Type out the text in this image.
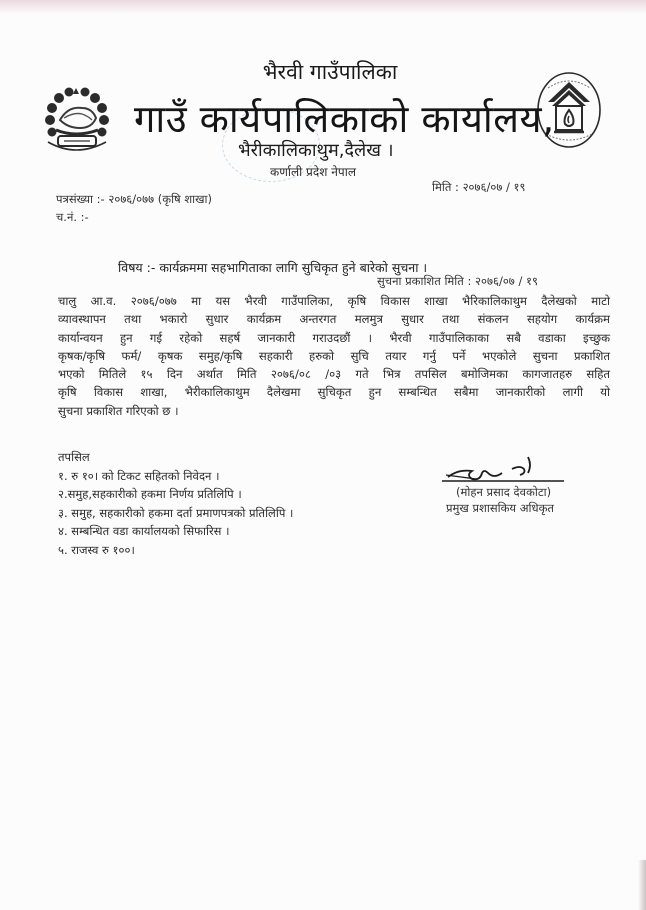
भैरवी गाउँपालिका
गाउँ कार्यपालिकाको कार्यालय,
भैरीकालिकाथुम,दैलेख ।
कर्णाली प्रदेश नेपाल
मिति : २०७६/०७ / १९
पत्रसंख्या :- २०७६/०७७ (कृषि शाखा)
च.नं. :-
विषय :- कार्यक्रममा सहभागिताका लागि सुचिकृत हुने बारेको सुचना ।
सुचना प्रकाशित मिति : २०७६/०७ / १९
चालु आ.व. २०७६/०७७ मा यस भैरवी गाउँपालिका, कृषि विकास शाखा भैरिकालिकाथुम दैलेखको माटो
व्यावस्थापन तथा भकारो सुधार कार्यक्रम अन्तरगत मलमुत्र सुधार तथा संकलन सहयोग कार्यक्रम
कार्यान्वयन हुन गई रहेको सहर्ष जानकारी गराउदछौं । भैरवी गाउँपालिकाका सबै वडाका इच्छुक
कृषक/कृषि फर्म/ कृषक समुह/कृषि सहकारी हरुको सुचि तयार गर्नु पर्ने भएकोले सुचना प्रकाशित
भएको मितिले १५ दिन अर्थात मिति २०७६/०८ /०३ गते भित्र तपसिल बमोजिमका कागजातहरु सहित
कृषि विकास शाखा, भैरीकालिकाथुम दैलेखमा सुचिकृत हुन सम्बन्धित सबैमा जानकारीको लागी यो
सुचना प्रकाशित गरिएको छ ।
तपसिल
१. रु १०। को टिकट सहितको निवेदन ।
२.समुह,सहकारीको हकमा निर्णय प्रतिलिपि ।
३. समुह, सहकारीको हकमा दर्ता प्रमाणपत्रको प्रतिलिपि ।
४. सम्बन्धित वडा कार्यालयको सिफारिस ।
५. राजस्व रु १००।
(मोहन प्रसाद देवकोटा)
प्रमुख प्रशासकिय अधिकृत
